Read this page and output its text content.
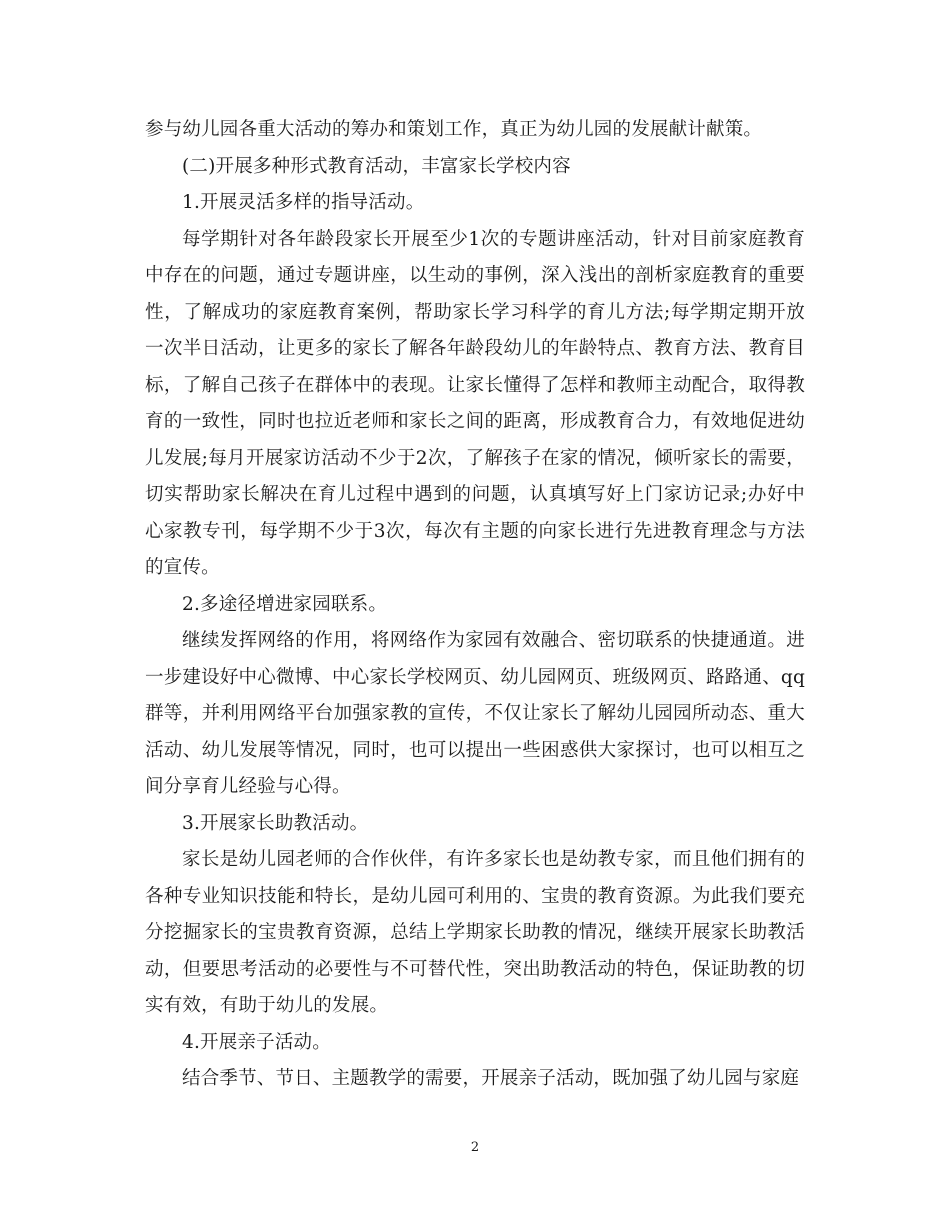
参与幼儿园各重大活动的筹办和策划工作，真正为幼儿园的发展献计献策。

(二)开展多种形式教育活动，丰富家长学校内容

1.开展灵活多样的指导活动。

每学期针对各年龄段家长开展至少1次的专题讲座活动，针对目前家庭教育中存在的问题，通过专题讲座，以生动的事例，深入浅出的剖析家庭教育的重要性，了解成功的家庭教育案例，帮助家长学习科学的育儿方法;每学期定期开放一次半日活动，让更多的家长了解各年龄段幼儿的年龄特点、教育方法、教育目标，了解自己孩子在群体中的表现。让家长懂得了怎样和教师主动配合，取得教育的一致性，同时也拉近老师和家长之间的距离，形成教育合力，有效地促进幼儿发展;每月开展家访活动不少于2次，了解孩子在家的情况，倾听家长的需要，切实帮助家长解决在育儿过程中遇到的问题，认真填写好上门家访记录;办好中心家教专刊，每学期不少于3次，每次有主题的向家长进行先进教育理念与方法的宣传。

2.多途径增进家园联系。

继续发挥网络的作用，将网络作为家园有效融合、密切联系的快捷通道。进一步建设好中心微博、中心家长学校网页、幼儿园网页、班级网页、路路通、qq群等，并利用网络平台加强家教的宣传，不仅让家长了解幼儿园园所动态、重大活动、幼儿发展等情况，同时，也可以提出一些困惑供大家探讨，也可以相互之间分享育儿经验与心得。

3.开展家长助教活动。

家长是幼儿园老师的合作伙伴，有许多家长也是幼教专家，而且他们拥有的各种专业知识技能和特长，是幼儿园可利用的、宝贵的教育资源。为此我们要充分挖掘家长的宝贵教育资源，总结上学期家长助教的情况，继续开展家长助教活动，但要思考活动的必要性与不可替代性，突出助教活动的特色，保证助教的切实有效，有助于幼儿的发展。

4.开展亲子活动。

结合季节、节日、主题教学的需要，开展亲子活动，既加强了幼儿园与家庭

2
